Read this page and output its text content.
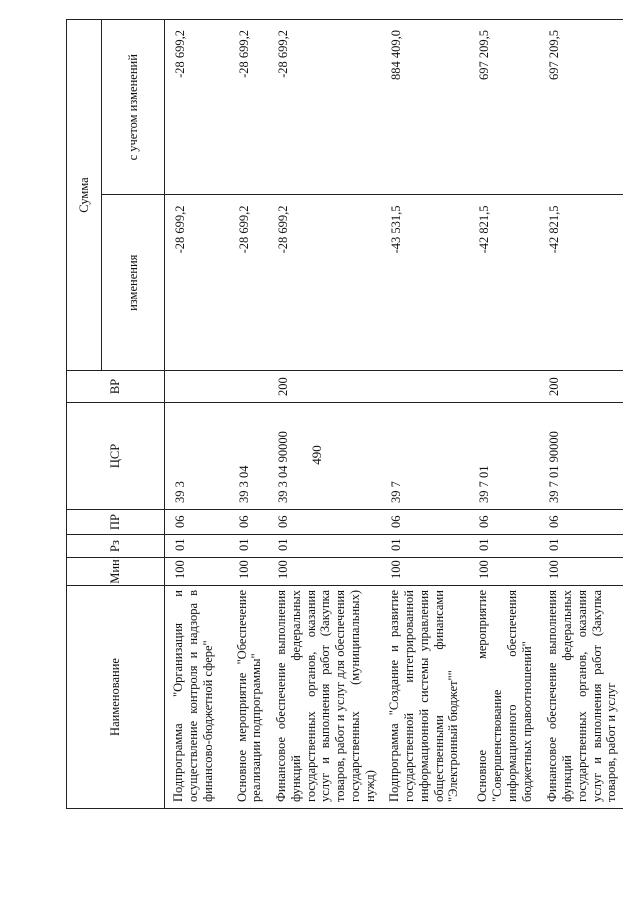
490
Наименование	Мин	Рз	ПР	ЦСР	ВР	Сумма	
						изменения	с учетом изменений
Подпрограмма "Организация и осуществление контроля и надзора в финансово-бюджетной сфере"	100	01	06	39 3		-28 699,2	-28 699,2
Основное мероприятие "Обеспечение реализации подпрограммы"	100	01	06	39 3 04		-28 699,2	-28 699,2
Финансовое обеспечение выполнения функций федеральных государственных органов, оказания услуг и выполнения работ (Закупка товаров, работ и услуг для обеспечения государственных (муниципальных) нужд)	100	01	06	39 3 04 90000	200	-28 699,2	-28 699,2
Подпрограмма "Создание и развитие государственной интегрированной информационной системы управления общественными финансами "Электронный бюджет""	100	01	06	39 7		-43 531,5	884 409,0
Основное мероприятие "Совершенствование информационного обеспечения бюджетных правоотношений"	100	01	06	39 7 01		-42 821,5	697 209,5
Финансовое обеспечение выполнения функций федеральных государственных органов, оказания услуг и выполнения работ (Закупка товаров, работ и услуг	100	01	06	39 7 01 90000	200	-42 821,5	697 209,5
